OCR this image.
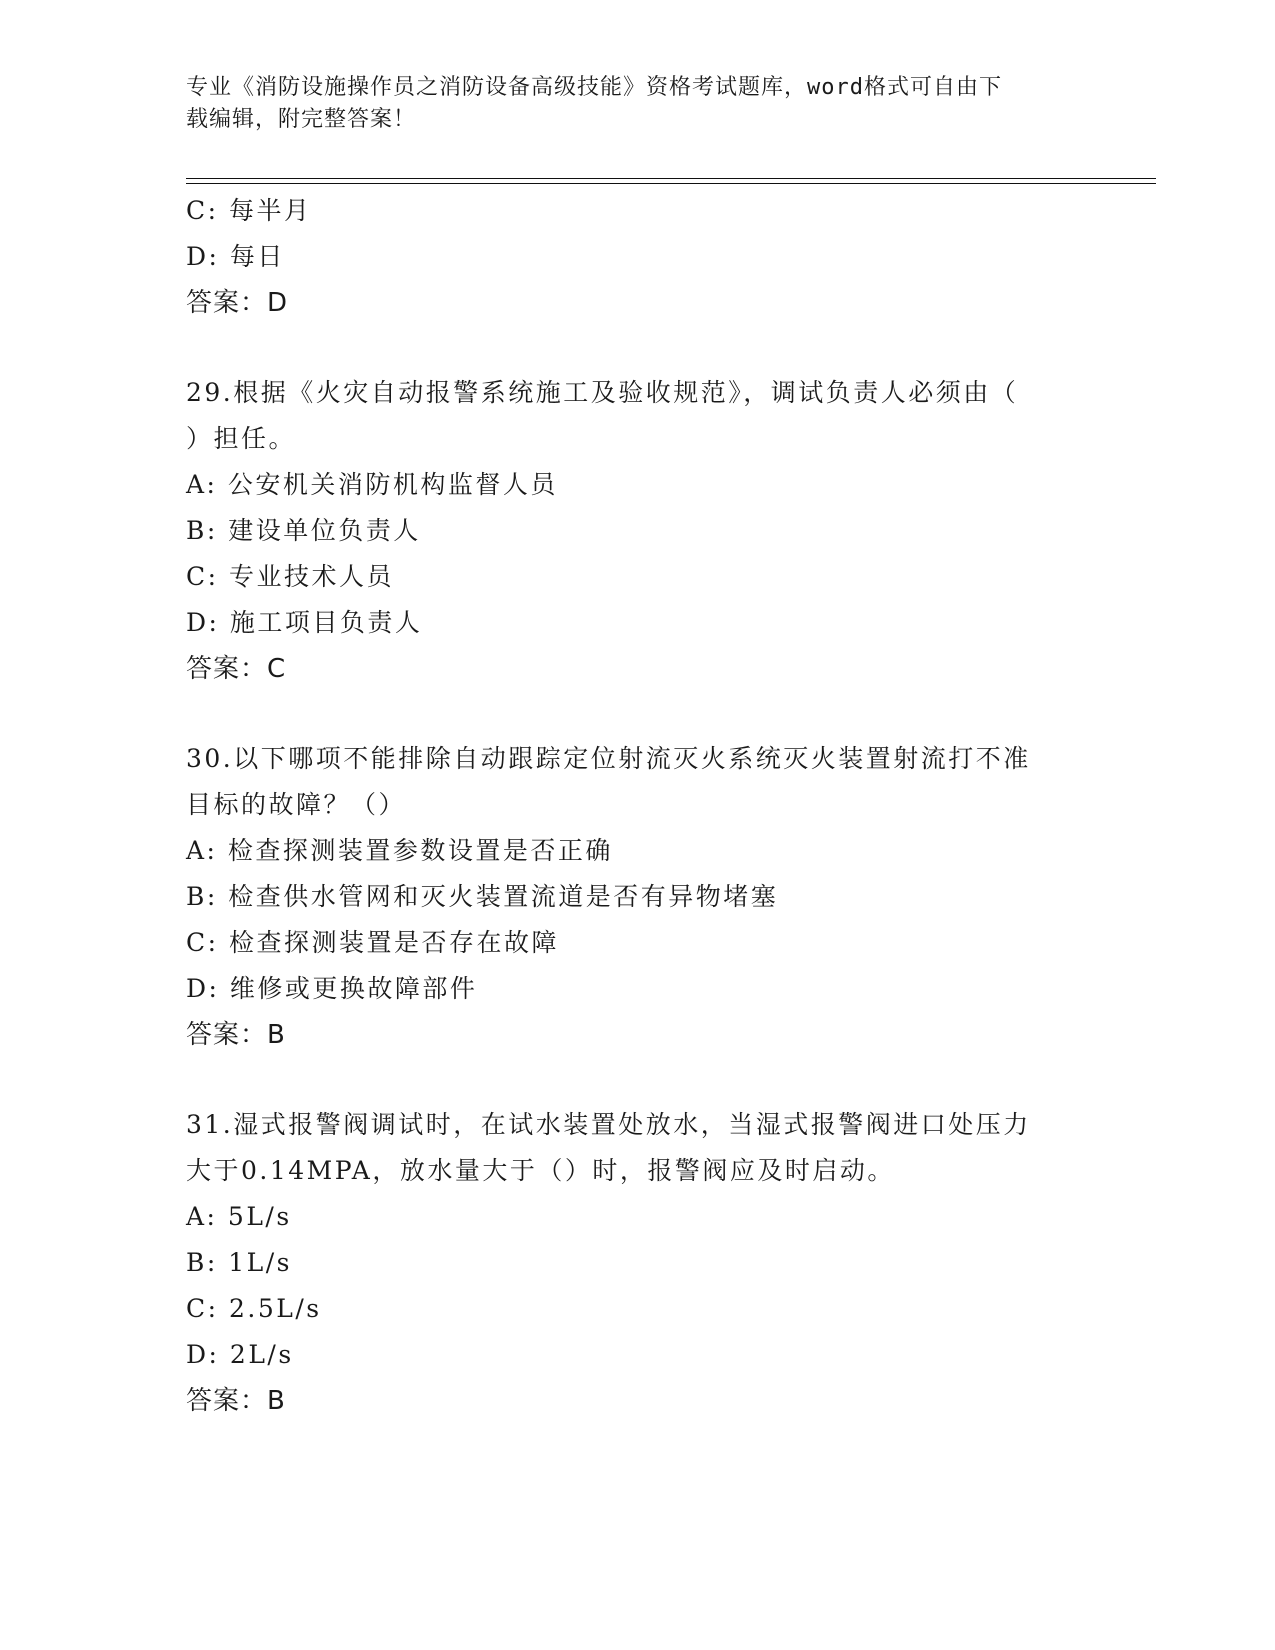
专业《消防设施操作员之消防设备高级技能》资格考试题库，word格式可自由下
载编辑，附完整答案！
C: 每半月
D: 每日
答案：D
29.根据《火灾自动报警系统施工及验收规范》，调试负责人必须由（
）担任。
A: 公安机关消防机构监督人员
B: 建设单位负责人
C: 专业技术人员
D: 施工项目负责人
答案：C
30.以下哪项不能排除自动跟踪定位射流灭火系统灭火装置射流打不准
目标的故障？（）
A: 检查探测装置参数设置是否正确
B: 检查供水管网和灭火装置流道是否有异物堵塞
C: 检查探测装置是否存在故障
D: 维修或更换故障部件
答案：B
31.湿式报警阀调试时，在试水装置处放水，当湿式报警阀进口处压力
大于0.14MPA，放水量大于（）时，报警阀应及时启动。
A: 5L/s
B: 1L/s
C: 2.5L/s
D: 2L/s
答案：B
